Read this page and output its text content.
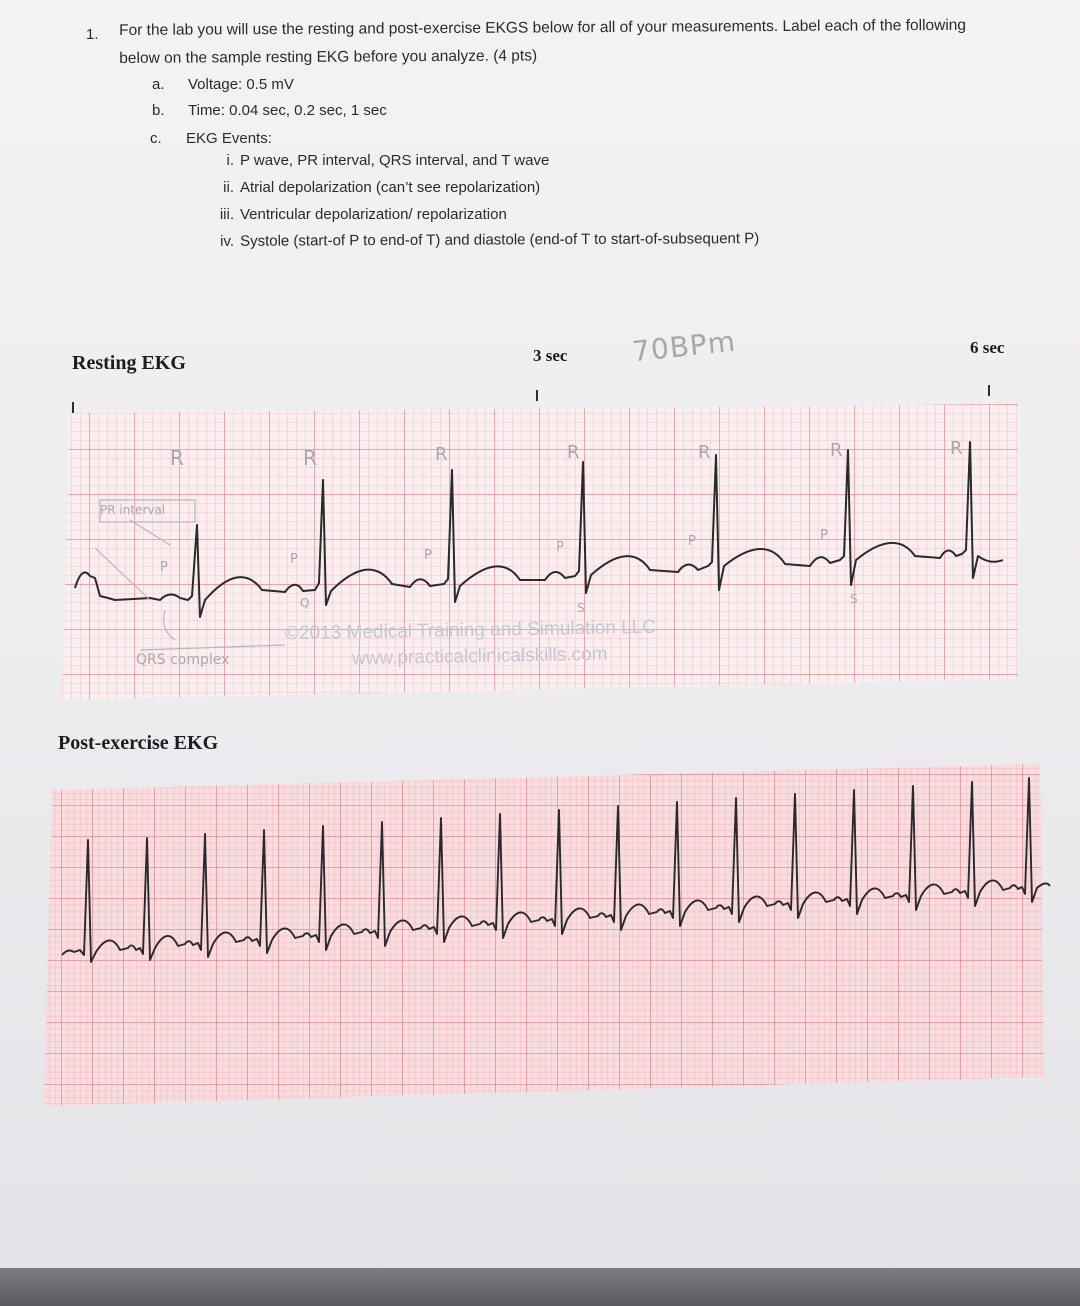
1. For the lab you will use the resting and post-exercise EKGS below for all of your measurements. Label each of the following below on the sample resting EKG before you analyze. (4 pts)
a. Voltage: 0.5 mV
b. Time: 0.04 sec, 0.2 sec, 1 sec
c. EKG Events:
i. P wave, PR interval, QRS interval, and T wave
ii. Atrial depolarization (can’t see repolarization)
iii. Ventricular depolarization/ repolarization
iv. Systole (start-of P to end-of T) and diastole (end-of T to start-of-subsequent P)
Resting EKG	3 sec	6 sec
70BPm
Post-exercise EKG
R	R	R	R	R	R	R
PR interval
P
P	P
P	P	P
Q	S
S
QRS complex
©2013 Medical Training and Simulation LLC
www.practicalclinicalskills.com
